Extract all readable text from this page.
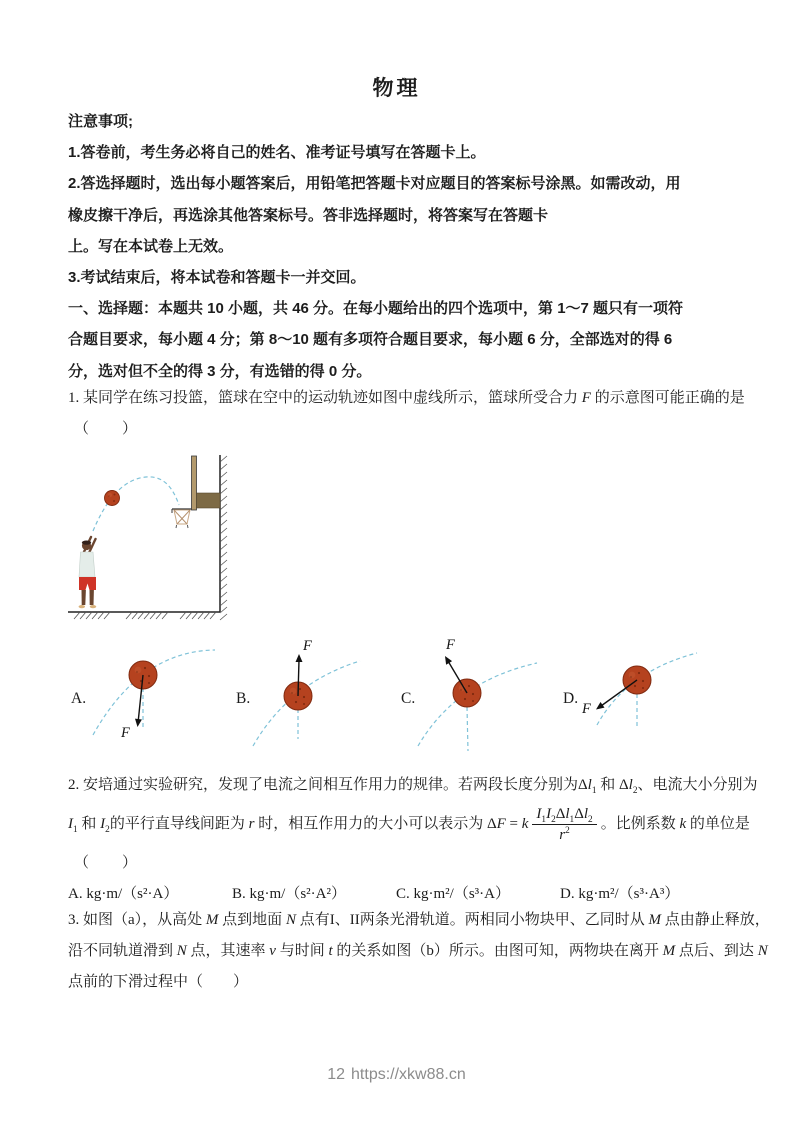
物理
注意事项;
1.答卷前，考生务必将自己的姓名、准考证号填写在答题卡上。
2.答选择题时，选出每小题答案后，用铅笔把答题卡对应题目的答案标号涂黑。如需改动，用
橡皮擦干净后，再选涂其他答案标号。答非选择题时，将答案写在答题卡
上。写在本试卷上无效。
3.考试结束后，将本试卷和答题卡一并交回。
一、选择题：本题共 10 小题，共 46 分。在每小题给出的四个选项中，第 1～7 题只有一项符
合题目要求，每小题 4 分；第 8～10 题有多项符合题目要求，每小题 6 分，全部选对的得 6
分，选对但不全的得 3 分，有选错的得 0 分。
1. 某同学在练习投篮，篮球在空中的运动轨迹如图中虚线所示，篮球所受合力 F 的示意图可能正确的是
（　　）
F
A.
F
B.
F
C.
F
D.
2. 安培通过实验研究，发现了电流之间相互作用力的规律。若两段长度分别为$\Delta l_1$ 和 $\Delta l_2$、电流大小分别为
$I_1$ 和 $I_2$的平行直导线间距为 r 时，相互作用力的大小可以表示为 ΔF = k $\frac{I_1I_2\Delta l_1\Delta l_2}{r^2}$ 。比例系数 k 的单位是
（　　）
A. kg·m/（s²·A）	B. kg·m/（s²·A²）	C. kg·m²/（s³·A）	D. kg·m²/（s³·A³）
3. 如图（a），从高处 M 点到地面 N 点有I、II两条光滑轨道。两相同小物块甲、乙同时从 M 点由静止释放，
沿不同轨道滑到 N 点，其速率 v 与时间 t 的关系如图（b）所示。由图可知，两物块在离开 M 点后、到达 N
点前的下滑过程中（　　）
12 https://xkw88.cn
